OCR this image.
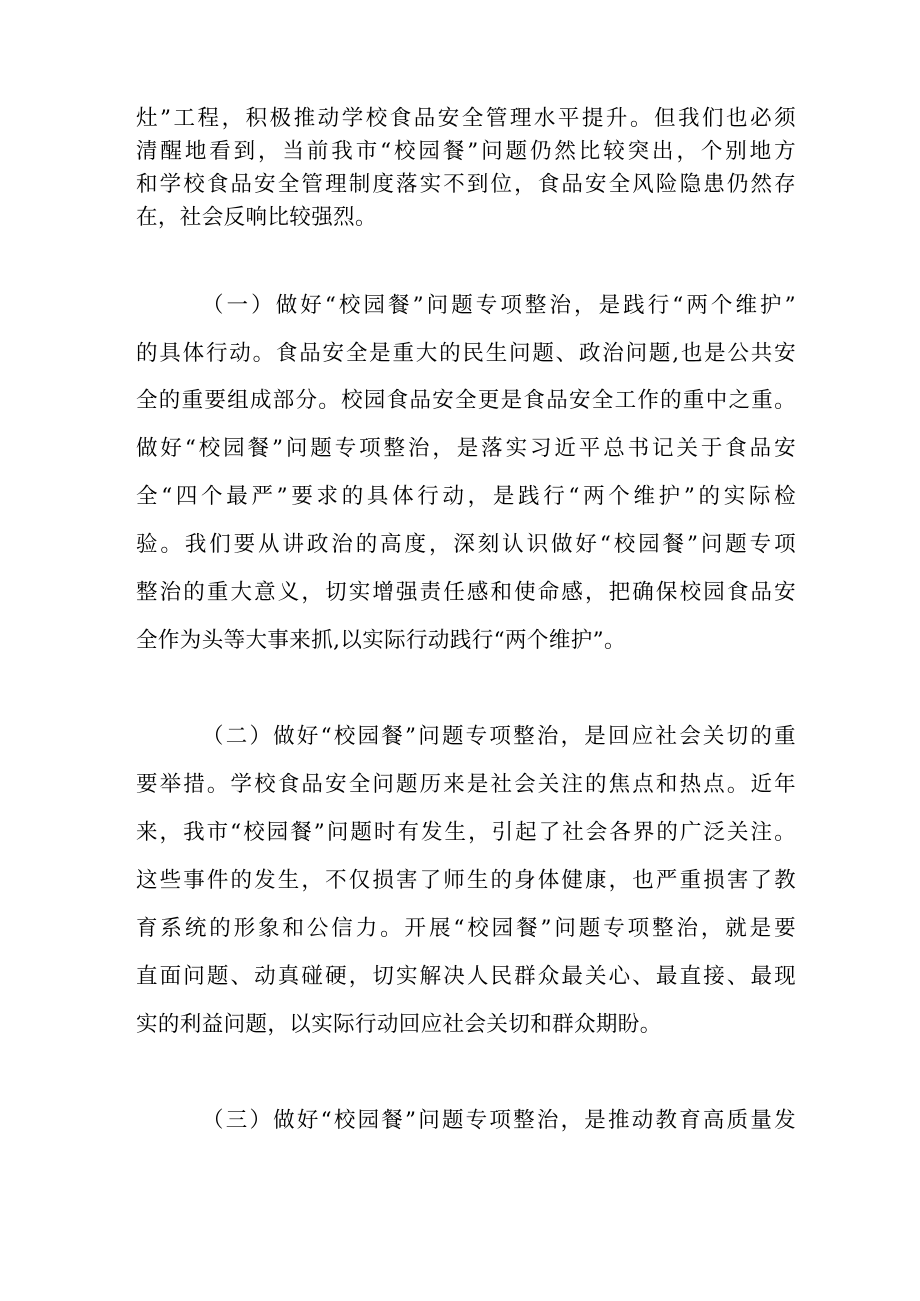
灶”工程，积极推动学校食品安全管理水平提升。但我们也必须
清醒地看到，当前我市“校园餐”问题仍然比较突出，个别地方
和学校食品安全管理制度落实不到位，食品安全风险隐患仍然存
在，社会反响比较强烈。
（一）做好“校园餐”问题专项整治，是践行“两个维护”
的具体行动。食品安全是重大的民生问题、政治问题,也是公共安
全的重要组成部分。校园食品安全更是食品安全工作的重中之重。
做好“校园餐”问题专项整治，是落实习近平总书记关于食品安
全“四个最严”要求的具体行动，是践行“两个维护”的实际检
验。我们要从讲政治的高度，深刻认识做好“校园餐”问题专项
整治的重大意义，切实增强责任感和使命感，把确保校园食品安
全作为头等大事来抓,以实际行动践行“两个维护”。
（二）做好“校园餐”问题专项整治，是回应社会关切的重
要举措。学校食品安全问题历来是社会关注的焦点和热点。近年
来，我市“校园餐”问题时有发生，引起了社会各界的广泛关注。
这些事件的发生，不仅损害了师生的身体健康，也严重损害了教
育系统的形象和公信力。开展“校园餐”问题专项整治，就是要
直面问题、动真碰硬，切实解决人民群众最关心、最直接、最现
实的利益问题，以实际行动回应社会关切和群众期盼。
（三）做好“校园餐”问题专项整治，是推动教育高质量发
